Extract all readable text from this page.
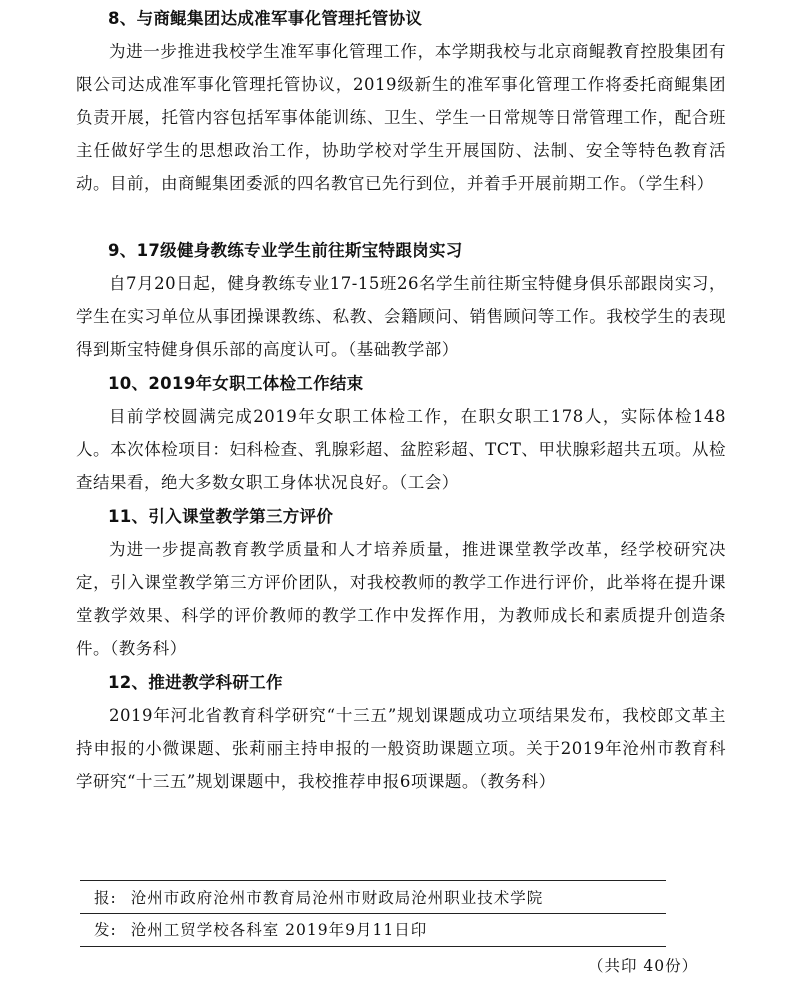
8、与商鲲集团达成准军事化管理托管协议

为进一步推进我校学生准军事化管理工作，本学期我校与北京商鲲教育控股集团有限公司达成准军事化管理托管协议，2019级新生的准军事化管理工作将委托商鲲集团负责开展，托管内容包括军事体能训练、卫生、学生一日常规等日常管理工作，配合班主任做好学生的思想政治工作，协助学校对学生开展国防、法制、安全等特色教育活动。目前，由商鲲集团委派的四名教官已先行到位，并着手开展前期工作。（学生科）

9、17级健身教练专业学生前往斯宝特跟岗实习

自7月20日起，健身教练专业17-15班26名学生前往斯宝特健身俱乐部跟岗实习，学生在实习单位从事团操课教练、私教、会籍顾问、销售顾问等工作。我校学生的表现得到斯宝特健身俱乐部的高度认可。（基础教学部）

10、2019年女职工体检工作结束

目前学校圆满完成2019年女职工体检工作，在职女职工178人，实际体检148人。本次体检项目：妇科检查、乳腺彩超、盆腔彩超、TCT、甲状腺彩超共五项。从检查结果看，绝大多数女职工身体状况良好。（工会）

11、引入课堂教学第三方评价

为进一步提高教育教学质量和人才培养质量，推进课堂教学改革，经学校研究决定，引入课堂教学第三方评价团队，对我校教师的教学工作进行评价，此举将在提升课堂教学效果、科学的评价教师的教学工作中发挥作用，为教师成长和素质提升创造条件。（教务科）

12、推进教学科研工作

2019年河北省教育科学研究“十三五”规划课题成功立项结果发布，我校郎文革主持申报的小微课题、张莉丽主持申报的一般资助课题立项。关于2019年沧州市教育科学研究“十三五”规划课题中，我校推荐申报6项课题。（教务科）

报: 沧州市政府沧州市教育局沧州市财政局沧州职业技术学院
发: 沧州工贸学校各科室 2019年9月11日印
（共印 40份）
